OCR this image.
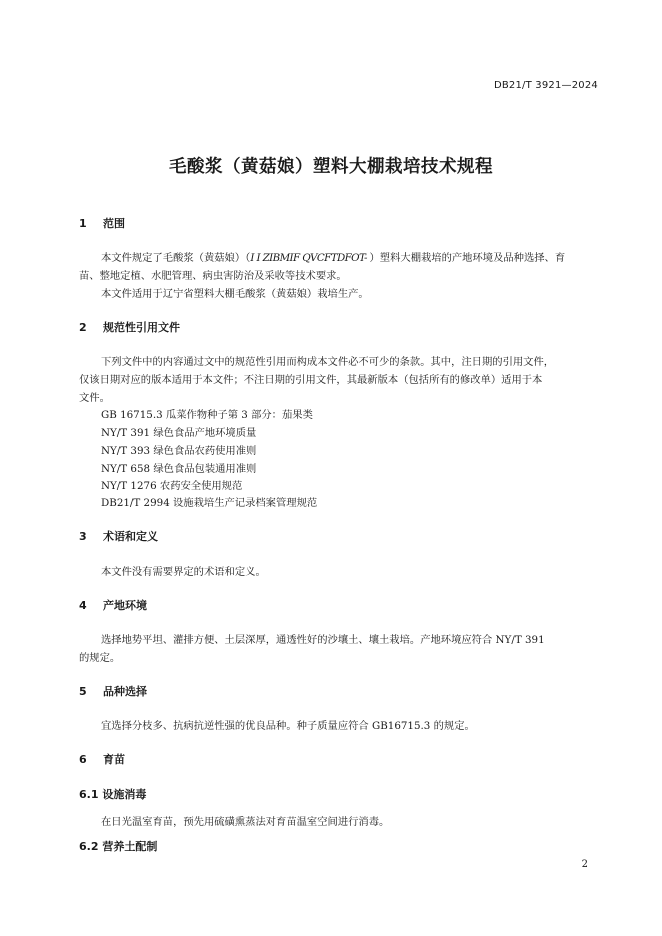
DB21/T 3921—2024
毛酸浆（黄菇娘）塑料大棚栽培技术规程
1 范围
本文件规定了毛酸浆（黄菇娘）（I I ZIBMIF QVCFTDFOT- ）塑料大棚栽培的产地环境及品种选择、育
苗、整地定植、水肥管理、病虫害防治及采收等技术要求。
本文件适用于辽宁省塑料大棚毛酸浆（黄菇娘）栽培生产。
2 规范性引用文件
下列文件中的内容通过文中的规范性引用而构成本文件必不可少的条款。其中，注日期的引用文件，
仅该日期对应的版本适用于本文件；不注日期的引用文件，其最新版本（包括所有的修改单）适用于本
文件。
GB 16715.3 瓜菜作物种子第 3 部分：茄果类
NY/T 391 绿色食品产地环境质量
NY/T 393 绿色食品农药使用准则
NY/T 658 绿色食品包装通用准则
NY/T 1276 农药安全使用规范
DB21/T 2994 设施栽培生产记录档案管理规范
3 术语和定义
本文件没有需要界定的术语和定义。
4 产地环境
选择地势平坦、灌排方便、土层深厚，通透性好的沙壤土、壤土栽培。产地环境应符合 NY/T 391
的规定。
5 品种选择
宜选择分枝多、抗病抗逆性强的优良品种。种子质量应符合 GB16715.3 的规定。
6 育苗
6.1 设施消毒
在日光温室育苗，预先用硫磺熏蒸法对育苗温室空间进行消毒。
6.2 营养土配制
2
